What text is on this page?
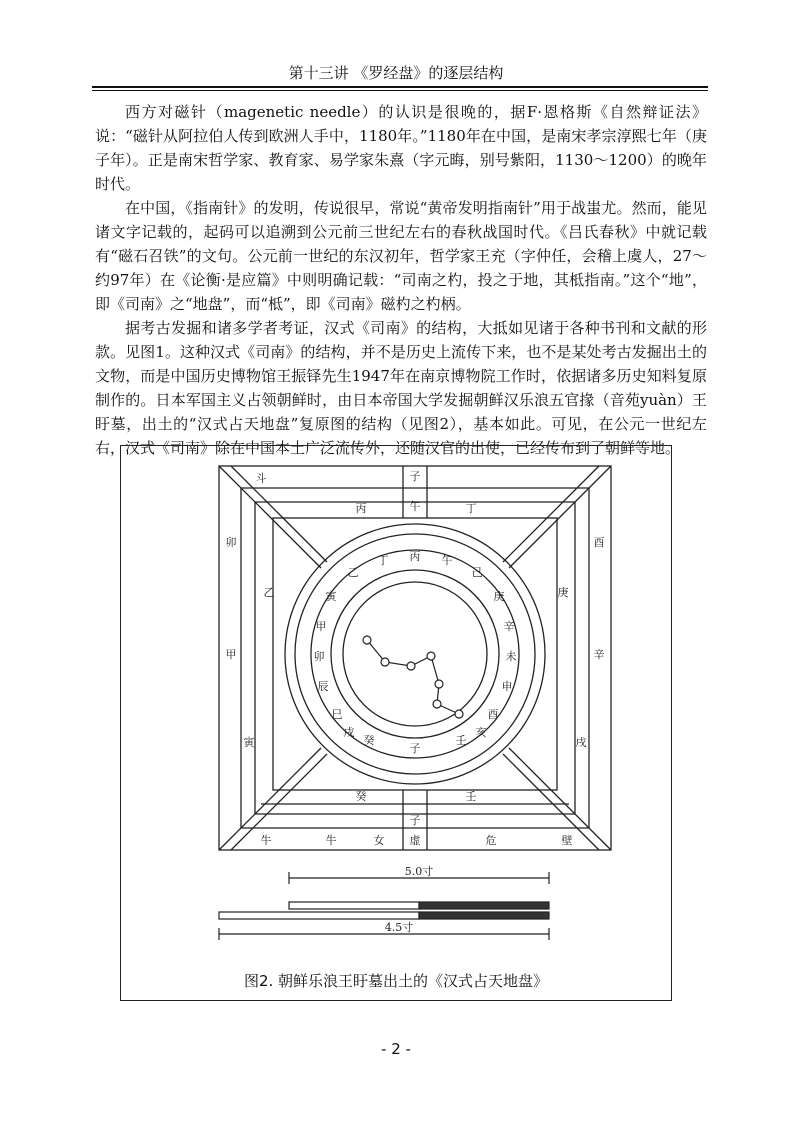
第十三讲 《罗经盘》的逐层结构

西方对磁针（magenetic needle）的认识是很晚的，据F·恩格斯《自然辩证法》说：“磁针从阿拉伯人传到欧洲人手中，1180年。”1180年在中国，是南宋孝宗淳熙七年（庚子年）。正是南宋哲学家、教育家、易学家朱熹（字元晦，别号紫阳，1130～1200）的晚年时代。

在中国，《指南针》的发明，传说很早，常说“黄帝发明指南针”用于战蚩尤。然而，能见诸文字记载的，起码可以追溯到公元前三世纪左右的春秋战国时代。《吕氏春秋》中就记载有“磁石召铁”的文句。公元前一世纪的东汉初年，哲学家王充（字仲任，会稽上虞人，27～约97年）在《论衡·是应篇》中则明确记载：“司南之杓，投之于地，其柢指南。”这个“地”，即《司南》之“地盘”，而“柢”，即《司南》磁杓之杓柄。

据考古发掘和诸多学者考证，汉式《司南》的结构，大抵如见诸于各种书刊和文献的形款。见图1。这种汉式《司南》的结构，并不是历史上流传下来，也不是某处考古发掘出土的文物，而是中国历史博物馆王振铎先生1947年在南京博物院工作时，依据诸多历史知料复原制作的。日本军国主义占领朝鲜时，由日本帝国大学发掘朝鲜汉乐浪五官掾（音苑yuàn）王盱墓，出土的“汉式占天地盘”复原图的结构（见图2），基本如此。可见，在公元一世纪左右，汉式《司南》除在中国本土广泛流传外，还随汉官的出使，已经传布到了朝鲜等地。

斗	子
丙	午	丁
牛	牛	女 虚	危	壁
癸
子
壬
卯
乙
甲
寅
酉
庚
辛
戌
丁 丙 午
己
乙
庚
寅
辛
壬
子
癸
甲
卯
辰
巳
未
申
酉
戌	亥
5.0寸
4.5寸
图2. 朝鲜乐浪王盱墓出土的《汉式占天地盘》
- 2 -
